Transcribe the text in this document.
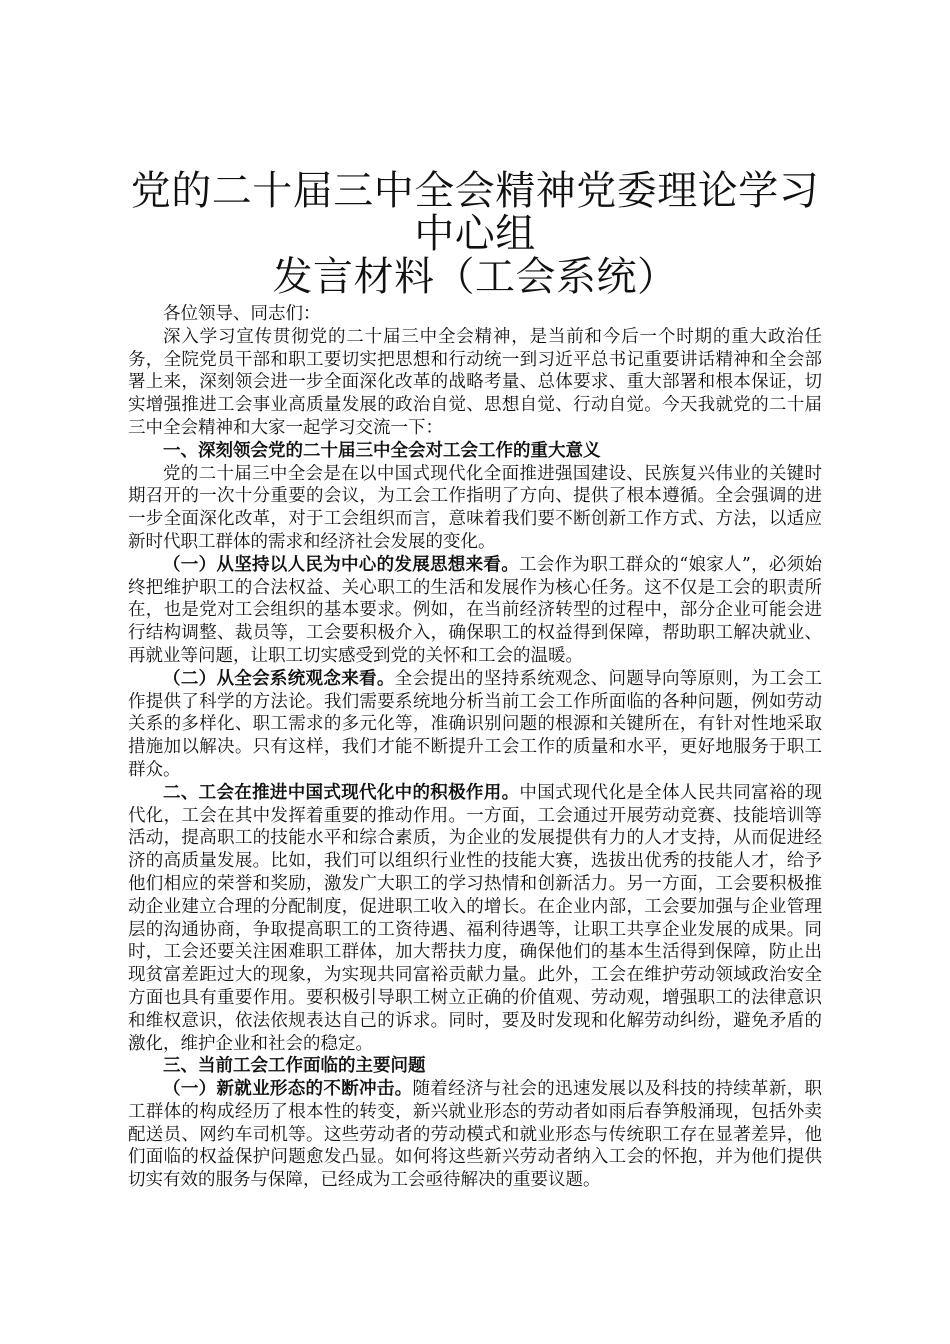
党的二十届三中全会精神党委理论学习中心组
发言材料（工会系统）

各位领导、同志们：

深入学习宣传贯彻党的二十届三中全会精神，是当前和今后一个时期的重大政治任务，全院党员干部和职工要切实把思想和行动统一到习近平总书记重要讲话精神和全会部署上来，深刻领会进一步全面深化改革的战略考量、总体要求、重大部署和根本保证，切实增强推进工会事业高质量发展的政治自觉、思想自觉、行动自觉。今天我就党的二十届三中全会精神和大家一起学习交流一下：

一、深刻领会党的二十届三中全会对工会工作的重大意义

党的二十届三中全会是在以中国式现代化全面推进强国建设、民族复兴伟业的关键时期召开的一次十分重要的会议，为工会工作指明了方向、提供了根本遵循。全会强调的进一步全面深化改革，对于工会组织而言，意味着我们要不断创新工作方式、方法，以适应新时代职工群体的需求和经济社会发展的变化。

（一）从坚持以人民为中心的发展思想来看。工会作为职工群众的“娘家人”，必须始终把维护职工的合法权益、关心职工的生活和发展作为核心任务。这不仅是工会的职责所在，也是党对工会组织的基本要求。例如，在当前经济转型的过程中，部分企业可能会进行结构调整、裁员等，工会要积极介入，确保职工的权益得到保障，帮助职工解决就业、再就业等问题，让职工切实感受到党的关怀和工会的温暖。

（二）从全会系统观念来看。全会提出的坚持系统观念、问题导向等原则，为工会工作提供了科学的方法论。我们需要系统地分析当前工会工作所面临的各种问题，例如劳动关系的多样化、职工需求的多元化等，准确识别问题的根源和关键所在，有针对性地采取措施加以解决。只有这样，我们才能不断提升工会工作的质量和水平，更好地服务于职工群众。

二、工会在推进中国式现代化中的积极作用。中国式现代化是全体人民共同富裕的现代化，工会在其中发挥着重要的推动作用。一方面，工会通过开展劳动竞赛、技能培训等活动，提高职工的技能水平和综合素质，为企业的发展提供有力的人才支持，从而促进经济的高质量发展。比如，我们可以组织行业性的技能大赛，选拔出优秀的技能人才，给予他们相应的荣誉和奖励，激发广大职工的学习热情和创新活力。另一方面，工会要积极推动企业建立合理的分配制度，促进职工收入的增长。在企业内部，工会要加强与企业管理层的沟通协商，争取提高职工的工资待遇、福利待遇等，让职工共享企业发展的成果。同时，工会还要关注困难职工群体，加大帮扶力度，确保他们的基本生活得到保障，防止出现贫富差距过大的现象，为实现共同富裕贡献力量。此外，工会在维护劳动领域政治安全方面也具有重要作用。要积极引导职工树立正确的价值观、劳动观，增强职工的法律意识和维权意识，依法依规表达自己的诉求。同时，要及时发现和化解劳动纠纷，避免矛盾的激化，维护企业和社会的稳定。

三、当前工会工作面临的主要问题

（一）新就业形态的不断冲击。随着经济与社会的迅速发展以及科技的持续革新，职工群体的构成经历了根本性的转变，新兴就业形态的劳动者如雨后春笋般涌现，包括外卖配送员、网约车司机等。这些劳动者的劳动模式和就业形态与传统职工存在显著差异，他们面临的权益保护问题愈发凸显。如何将这些新兴劳动者纳入工会的怀抱，并为他们提供切实有效的服务与保障，已经成为工会亟待解决的重要议题。
